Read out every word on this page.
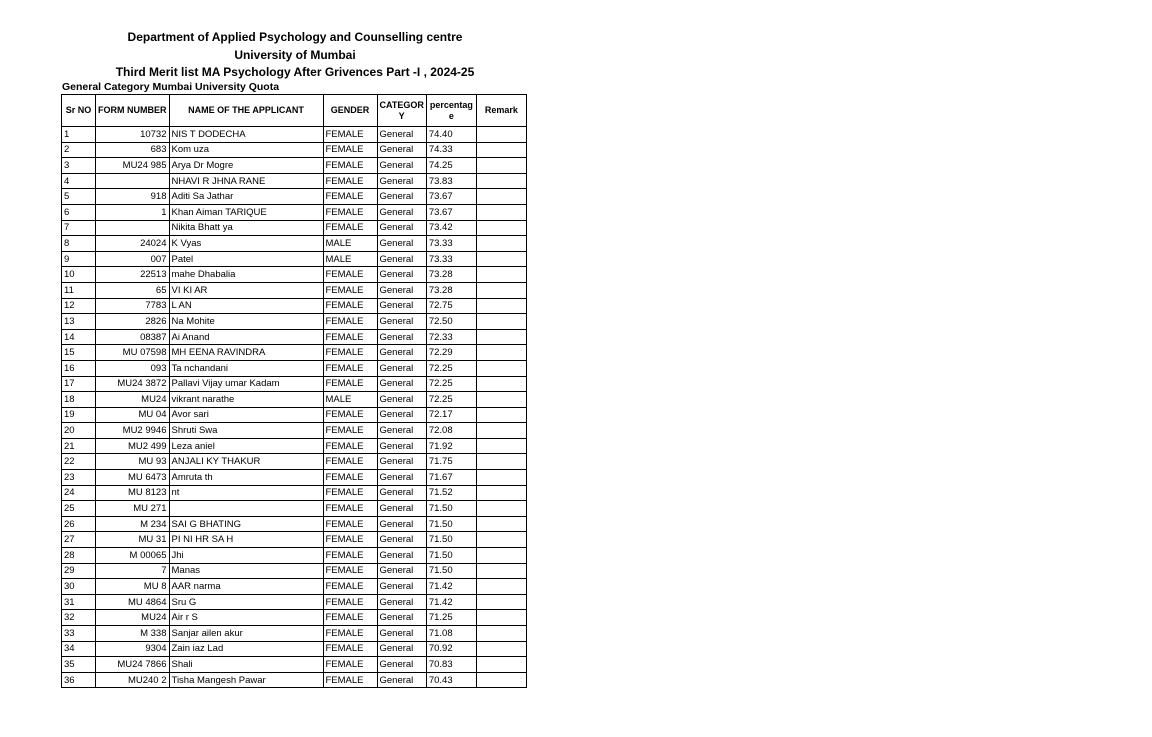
Department of Applied Psychology and Counselling centre
University of Mumbai
Third Merit list MA Psychology After Grivences Part -I , 2024-25
General Category Mumbai University Quota
Sr NO	FORM NUMBER	NAME OF THE APPLICANT	GENDER	CATEGOR Y	percentag e	Remark
1	10732	NIS T DODECHA	FEMALE	General	74.40	
2	683	Kom uza	FEMALE	General	74.33	
3	MU24 985	Arya Dr Mogre	FEMALE	General	74.25	
4		NHAVI R JHNA RANE	FEMALE	General	73.83	
5	918	Aditi Sa Jathar	FEMALE	General	73.67	
6	1	Khan Aiman TARIQUE	FEMALE	General	73.67	
7		Nikita Bhatt ya	FEMALE	General	73.42	
8	24024	K Vyas	MALE	General	73.33	
9	007	Patel	MALE	General	73.33	
10	22513	mahe Dhabalia	FEMALE	General	73.28	
11	65	VI KI AR	FEMALE	General	73.28	
12	7783	L AN	FEMALE	General	72.75	
13	2826	Na Mohite	FEMALE	General	72.50	
14	08387	Ai Anand	FEMALE	General	72.33	
15	MU 07598	MH EENA RAVINDRA	FEMALE	General	72.29	
16	093	Ta nchandani	FEMALE	General	72.25	
17	MU24 3872	Pallavi Vijay umar Kadam	FEMALE	General	72.25	
18	MU24	vikrant narathe	MALE	General	72.25	
19	MU 04	Avor sari	FEMALE	General	72.17	
20	MU2 9946	Shruti Swa	FEMALE	General	72.08	
21	MU2 499	Leza aniel	FEMALE	General	71.92	
22	MU 93	ANJALI KY THAKUR	FEMALE	General	71.75	
23	MU 6473	Amruta th	FEMALE	General	71.67	
24	MU 8123	nt	FEMALE	General	71.52	
25	MU 271		FEMALE	General	71.50	
26	M 234	SAI G BHATING	FEMALE	General	71.50	
27	MU 31	PI NI HR SA H	FEMALE	General	71.50	
28	M 00065	Jhi	FEMALE	General	71.50	
29	7	Manas	FEMALE	General	71.50	
30	MU 8	AAR narma	FEMALE	General	71.42	
31	MU 4864	Sru G	FEMALE	General	71.42	
32	MU24	Air r S	FEMALE	General	71.25	
33	M 338	Sanjar ailen akur	FEMALE	General	71.08	
34	9304	Zain iaz Lad	FEMALE	General	70.92	
35	MU24 7866	Shali	FEMALE	General	70.83	
36	MU240 2	Tisha Mangesh Pawar	FEMALE	General	70.43	
